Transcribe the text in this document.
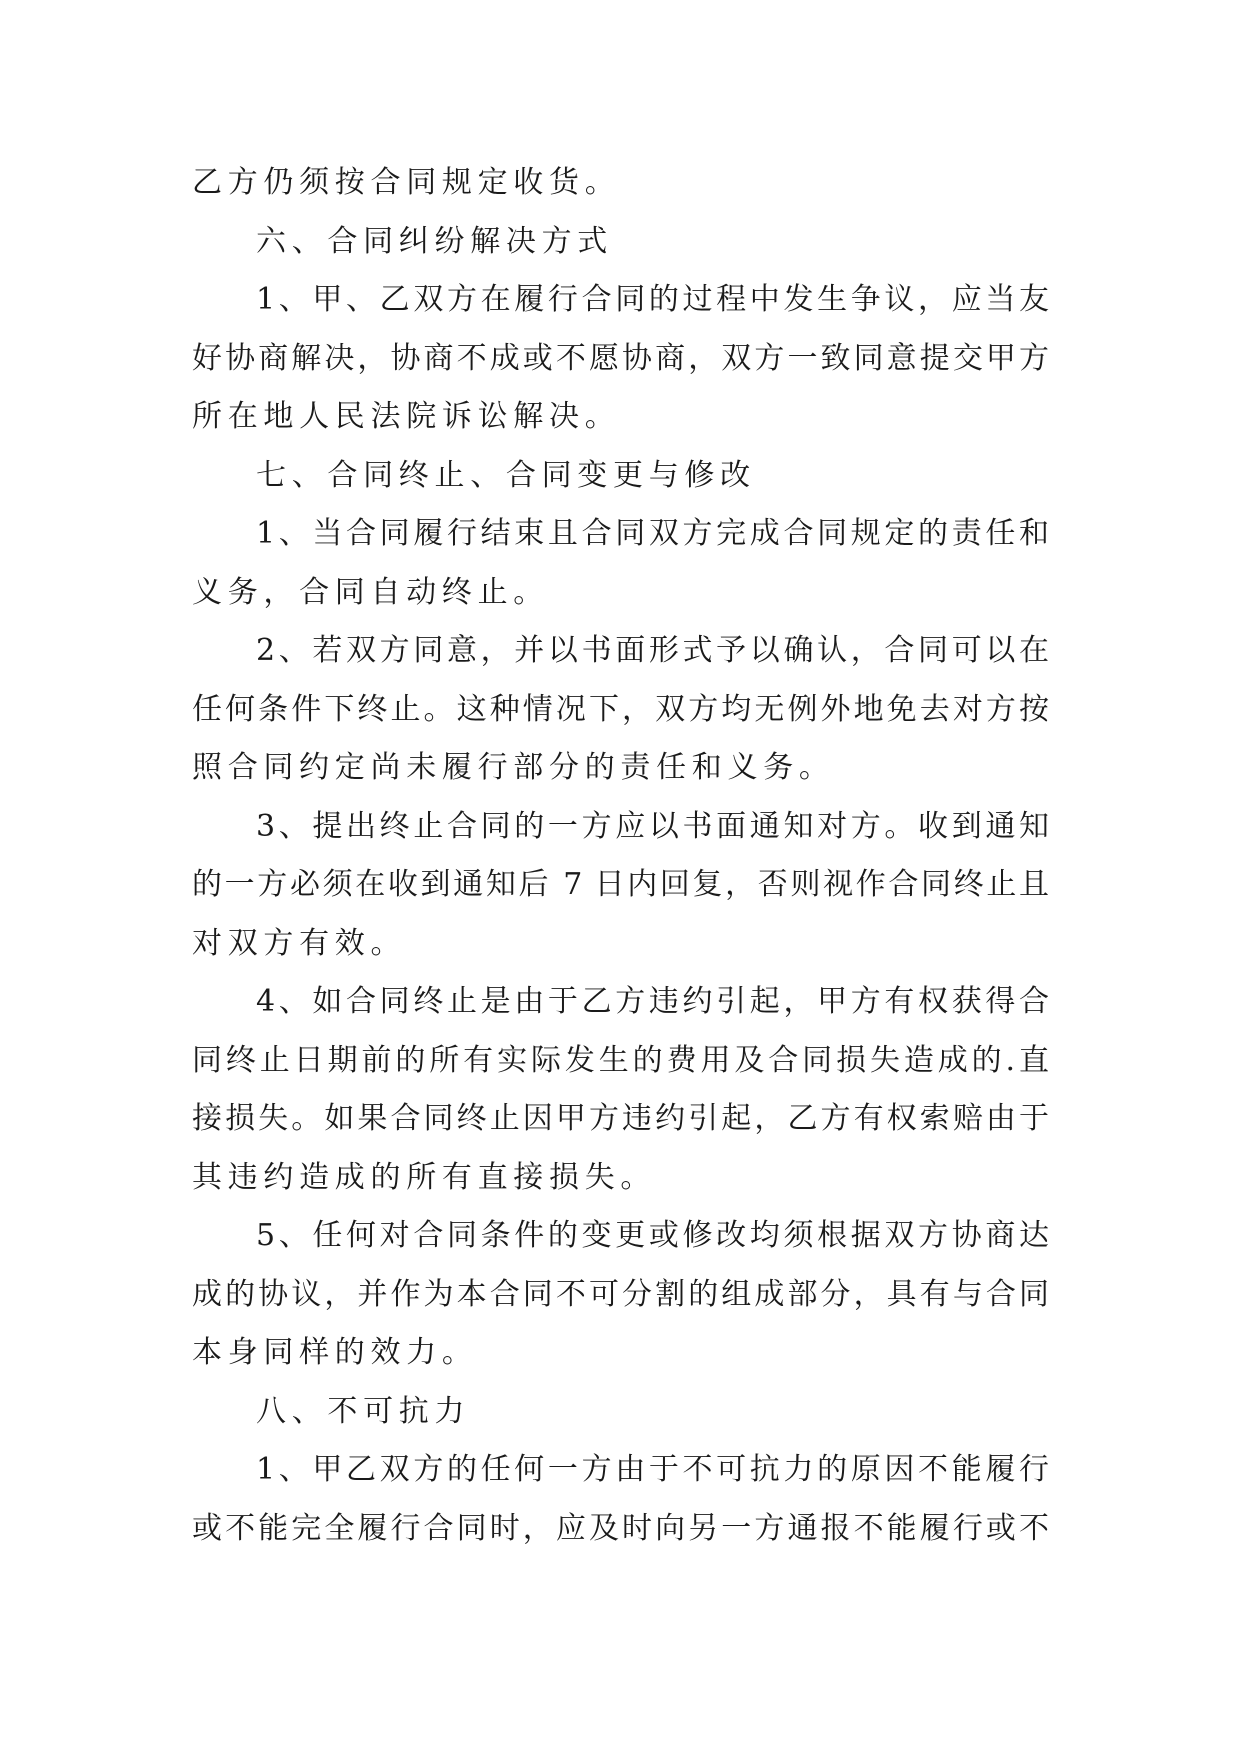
乙方仍须按合同规定收货。
六、合同纠纷解决方式
1、甲、乙双方在履行合同的过程中发生争议，应当友
好协商解决，协商不成或不愿协商，双方一致同意提交甲方
所在地人民法院诉讼解决。
七、合同终止、合同变更与修改
1、当合同履行结束且合同双方完成合同规定的责任和
义务，合同自动终止。
2、若双方同意，并以书面形式予以确认，合同可以在
任何条件下终止。这种情况下，双方均无例外地免去对方按
照合同约定尚未履行部分的责任和义务。
3、提出终止合同的一方应以书面通知对方。收到通知
的一方必须在收到通知后 7 日内回复，否则视作合同终止且
对双方有效。
4、如合同终止是由于乙方违约引起，甲方有权获得合
同终止日期前的所有实际发生的费用及合同损失造成的.直
接损失。如果合同终止因甲方违约引起，乙方有权索赔由于
其违约造成的所有直接损失。
5、任何对合同条件的变更或修改均须根据双方协商达
成的协议，并作为本合同不可分割的组成部分，具有与合同
本身同样的效力。
八、不可抗力
1、甲乙双方的任何一方由于不可抗力的原因不能履行
或不能完全履行合同时，应及时向另一方通报不能履行或不
